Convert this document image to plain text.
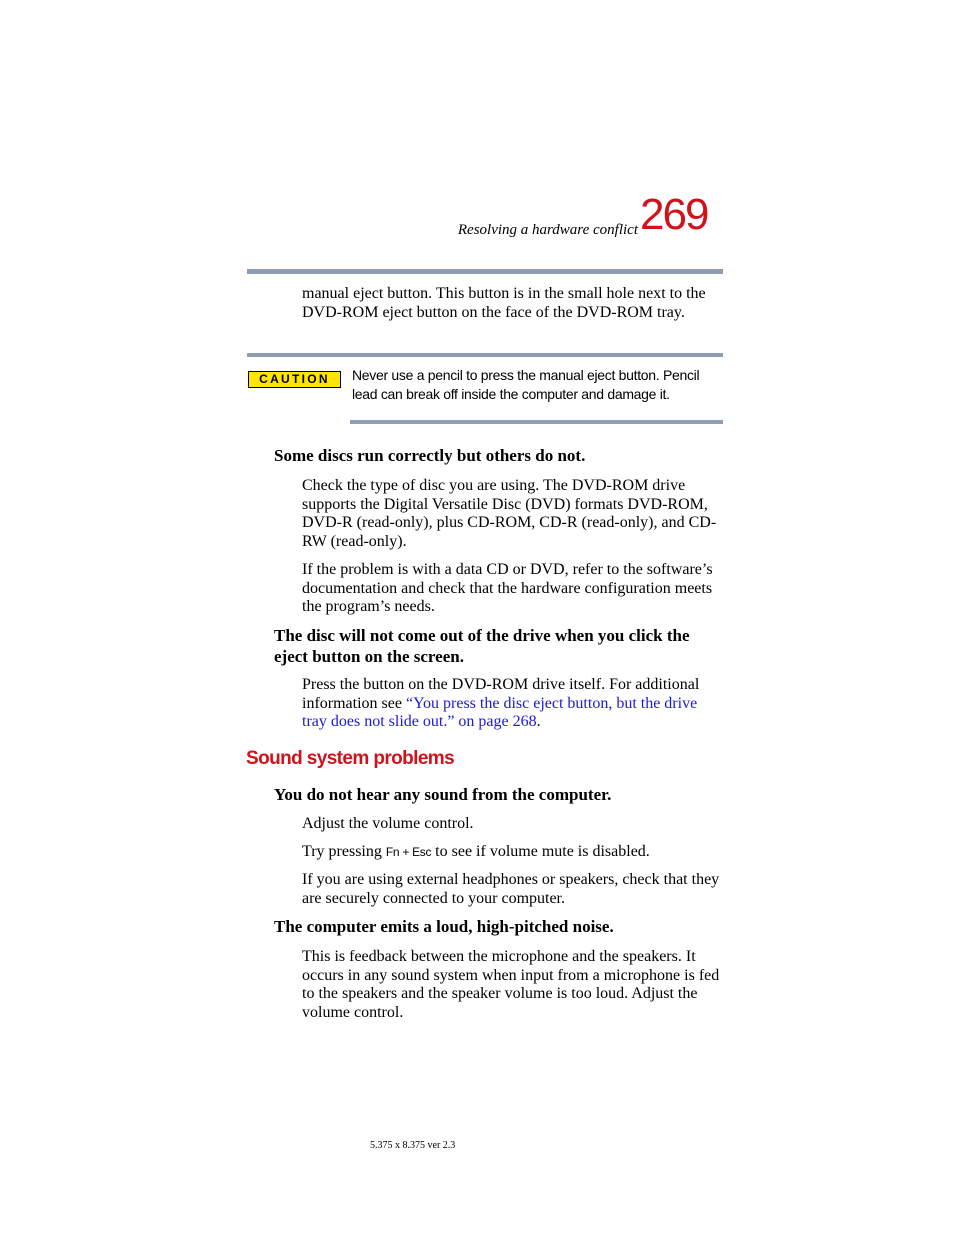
Resolving a hardware conflict 269
manual eject button. This button is in the small hole next to the DVD-ROM eject button on the face of the DVD-ROM tray.
CAUTION	Never use a pencil to press the manual eject button. Pencil lead can break off inside the computer and damage it.
Some discs run correctly but others do not.
Check the type of disc you are using. The DVD-ROM drive supports the Digital Versatile Disc (DVD) formats DVD-ROM, DVD-R (read-only), plus CD-ROM, CD-R (read-only), and CD-RW (read-only).
If the problem is with a data CD or DVD, refer to the software’s documentation and check that the hardware configuration meets the program’s needs.
The disc will not come out of the drive when you click the eject button on the screen.
Press the button on the DVD-ROM drive itself. For additional information see “You press the disc eject button, but the drive tray does not slide out.” on page 268.
Sound system problems
You do not hear any sound from the computer.
Adjust the volume control.
Try pressing Fn + Esc to see if volume mute is disabled.
If you are using external headphones or speakers, check that they are securely connected to your computer.
The computer emits a loud, high-pitched noise.
This is feedback between the microphone and the speakers. It occurs in any sound system when input from a microphone is fed to the speakers and the speaker volume is too loud. Adjust the volume control.
5.375 x 8.375 ver 2.3
